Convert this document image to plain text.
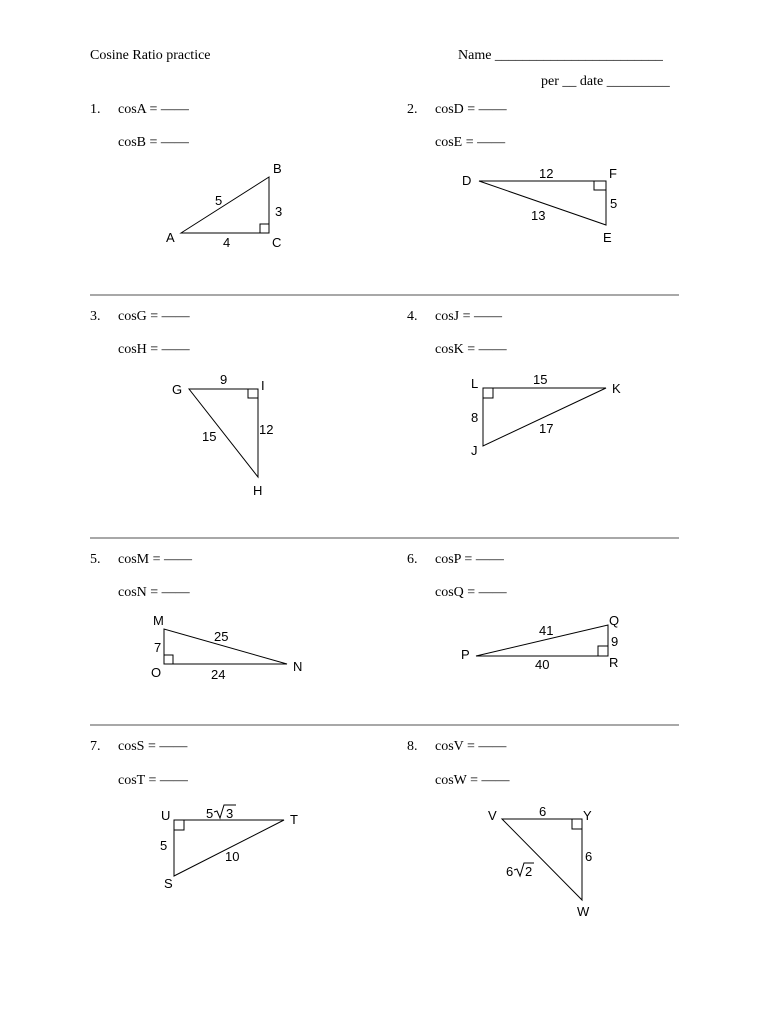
Cosine Ratio practice	Name ________________________
per __ date _________
1. cosA = ——
cosB = ——
2. cosD = ——
cosE = ——
3. cosG = ——
cosH = ——
4. cosJ = ——
cosK = ——
5. cosM = ——
cosN = ——
6. cosP = ——
cosQ = ——
7. cosS = ——
cosT = ——
8. cosV = ——
cosW = ——
B
A	C
5
3
4
D	F
E
12
5
13
G	I
H
9
12
15
L	K
J
15
8
17
M
O	N
7
25
24
Q
P
R
41
9
40
U	T
S
5 3
5
10
V	Y
W
6
6
6 2
